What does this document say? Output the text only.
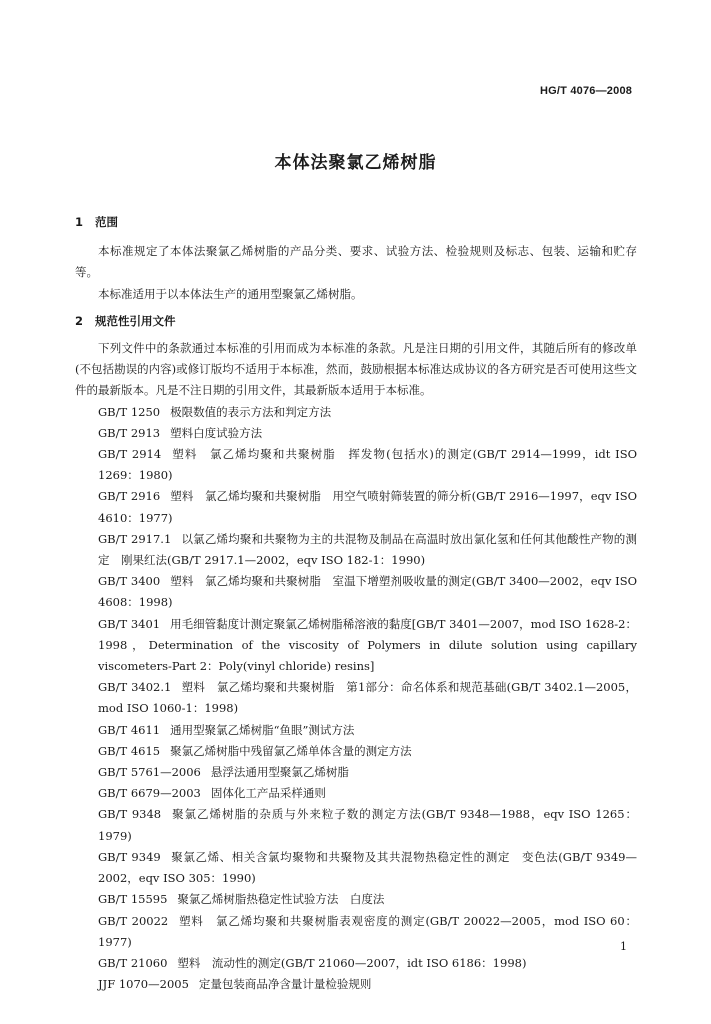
HG/T 4076—2008
本体法聚氯乙烯树脂

1 范围

本标准规定了本体法聚氯乙烯树脂的产品分类、要求、试验方法、检验规则及标志、包装、运输和贮存等。

本标准适用于以本体法生产的通用型聚氯乙烯树脂。

2 规范性引用文件

下列文件中的条款通过本标准的引用而成为本标准的条款。凡是注日期的引用文件，其随后所有的修改单(不包括勘误的内容)或修订版均不适用于本标准，然而，鼓励根据本标准达成协议的各方研究是否可使用这些文件的最新版本。凡是不注日期的引用文件，其最新版本适用于本标准。

GB/T 1250 极限数值的表示方法和判定方法

GB/T 2913 塑料白度试验方法

GB/T 2914 塑料　氯乙烯均聚和共聚树脂　挥发物(包括水)的测定(GB/T 2914—1999，idt ISO 1269：1980)

GB/T 2916 塑料　氯乙烯均聚和共聚树脂　用空气喷射筛装置的筛分析(GB/T 2916—1997，eqv ISO 4610：1977)

GB/T 2917.1 以氯乙烯均聚和共聚物为主的共混物及制品在高温时放出氯化氢和任何其他酸性产物的测定　刚果红法(GB/T 2917.1—2002，eqv ISO 182-1：1990)

GB/T 3400 塑料　氯乙烯均聚和共聚树脂　室温下增塑剂吸收量的测定(GB/T 3400—2002，eqv ISO 4608：1998)

GB/T 3401 用毛细管黏度计测定聚氯乙烯树脂稀溶液的黏度[GB/T 3401—2007，mod ISO 1628-2：1998，Determination of the viscosity of Polymers in dilute solution using capillary viscometers-Part 2：Poly(vinyl chloride) resins]

GB/T 3402.1 塑料　氯乙烯均聚和共聚树脂　第1部分：命名体系和规范基础(GB/T 3402.1—2005，mod ISO 1060-1：1998)

GB/T 4611 通用型聚氯乙烯树脂“鱼眼”测试方法

GB/T 4615 聚氯乙烯树脂中残留氯乙烯单体含量的测定方法

GB/T 5761—2006 悬浮法通用型聚氯乙烯树脂

GB/T 6679—2003 固体化工产品采样通则

GB/T 9348 聚氯乙烯树脂的杂质与外来粒子数的测定方法(GB/T 9348—1988，eqv ISO 1265：1979)

GB/T 9349 聚氯乙烯、相关含氯均聚物和共聚物及其共混物热稳定性的测定　变色法(GB/T 9349—2002，eqv ISO 305：1990)

GB/T 15595 聚氯乙烯树脂热稳定性试验方法　白度法

GB/T 20022 塑料　氯乙烯均聚和共聚树脂表观密度的测定(GB/T 20022—2005，mod ISO 60：1977)

GB/T 21060 塑料　流动性的测定(GB/T 21060—2007，idt ISO 6186：1998)

JJF 1070—2005 定量包装商品净含量计量检验规则

1
